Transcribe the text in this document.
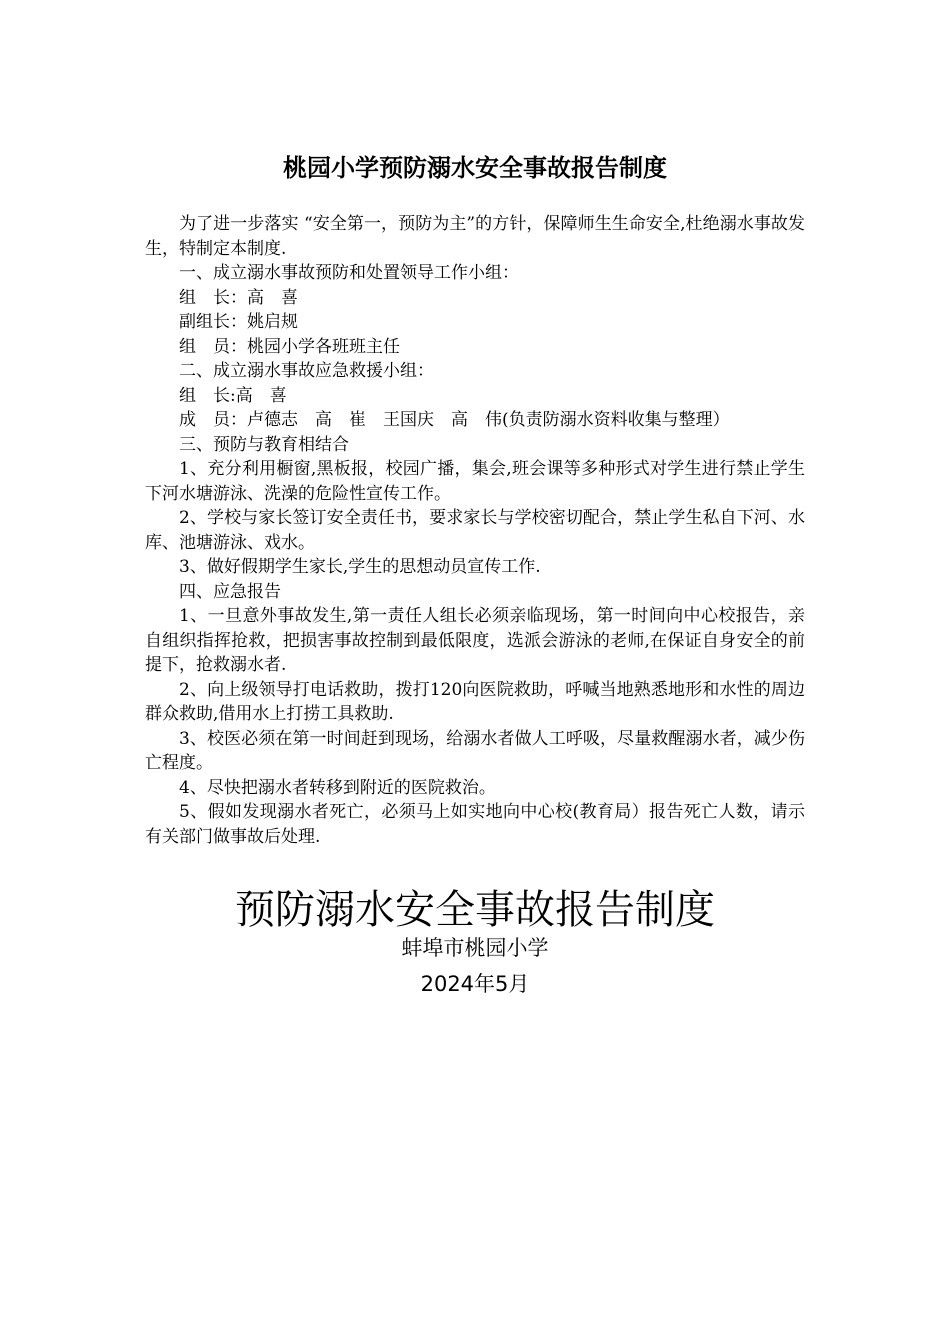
桃园小学预防溺水安全事故报告制度

为了进一步落实 “安全第一，预防为主”的方针，保障师生生命安全,杜绝溺水事故发生，特制定本制度.

一、成立溺水事故预防和处置领导工作小组：

组　长：高　喜

副组长：姚启规

组　员：桃园小学各班班主任

二、成立溺水事故应急救援小组：

组　长:高　喜

成　员：卢德志　高　崔　王国庆　高　伟(负责防溺水资料收集与整理）

三、预防与教育相结合

1、充分利用橱窗,黑板报，校园广播，集会,班会课等多种形式对学生进行禁止学生下河水塘游泳、洗澡的危险性宣传工作。

2、学校与家长签订安全责任书，要求家长与学校密切配合，禁止学生私自下河、水库、池塘游泳、戏水。

3、做好假期学生家长,学生的思想动员宣传工作.

四、应急报告

1、一旦意外事故发生,第一责任人组长必须亲临现场，第一时间向中心校报告，亲自组织指挥抢救，把损害事故控制到最低限度，选派会游泳的老师,在保证自身安全的前提下，抢救溺水者.

2、向上级领导打电话救助，拨打120向医院救助，呼喊当地熟悉地形和水性的周边群众救助,借用水上打捞工具救助.

3、校医必须在第一时间赶到现场，给溺水者做人工呼吸，尽量救醒溺水者，减少伤亡程度。

4、尽快把溺水者转移到附近的医院救治。

5、假如发现溺水者死亡，必须马上如实地向中心校(教育局）报告死亡人数，请示有关部门做事故后处理.

预防溺水安全事故报告制度
蚌埠市桃园小学
2024年5月
